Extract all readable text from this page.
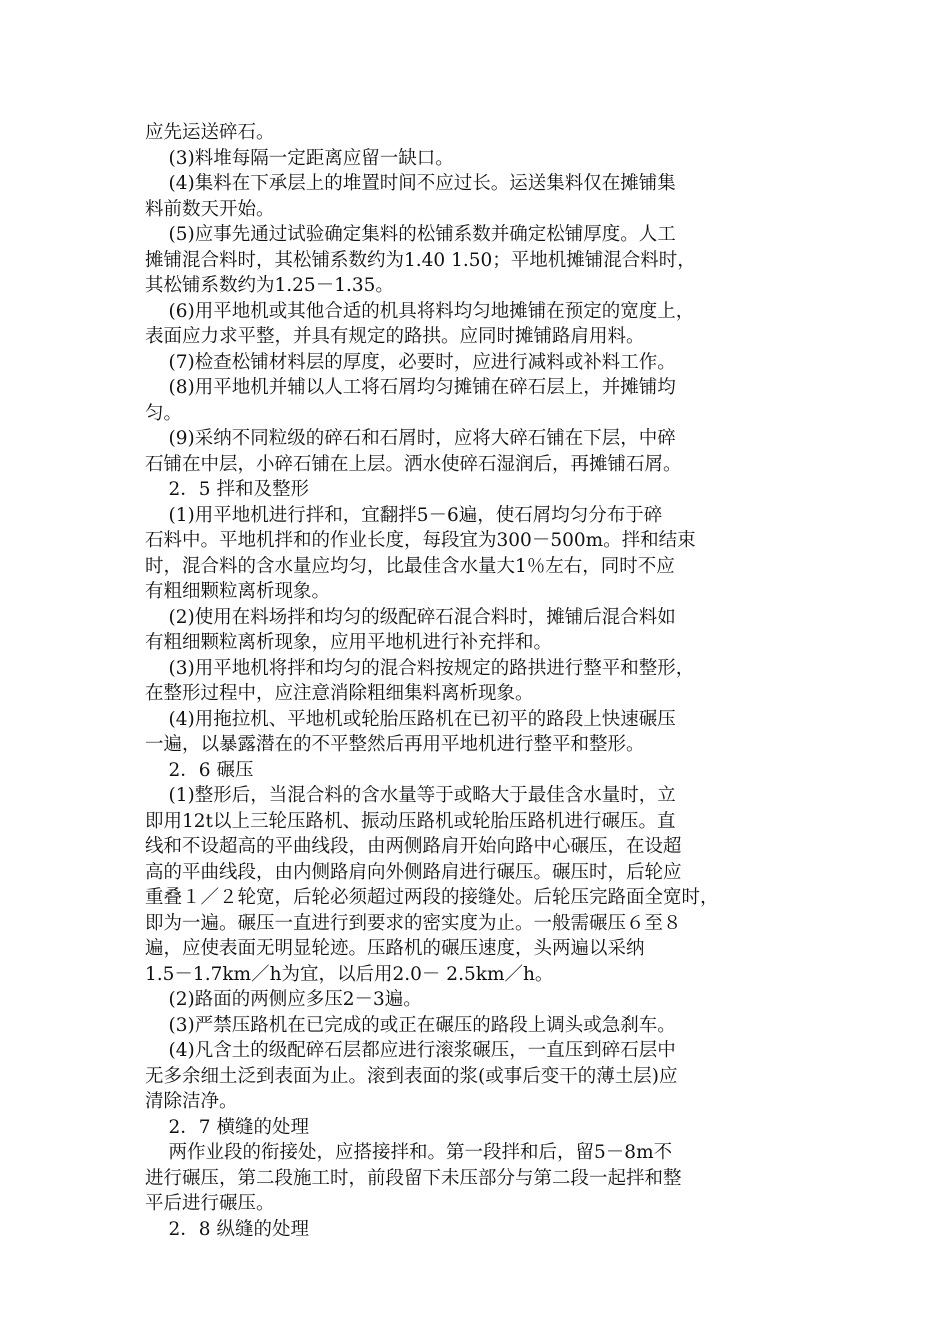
应先运送碎石。
(3)料堆每隔一定距离应留一缺口。
(4)集料在下承层上的堆置时间不应过长。运送集料仅在摊铺集
料前数天开始。
(5)应事先通过试验确定集料的松铺系数并确定松铺厚度。人工
摊铺混合料时，其松铺系数约为1.40 1.50；平地机摊铺混合料时，
其松铺系数约为1.25－1.35。
(6)用平地机或其他合适的机具将料均匀地摊铺在预定的宽度上，
表面应力求平整，并具有规定的路拱。应同时摊铺路肩用料。
(7)检查松铺材料层的厚度，必要时，应进行减料或补料工作。
(8)用平地机并辅以人工将石屑均匀摊铺在碎石层上，并摊铺均
匀。
(9)采纳不同粒级的碎石和石屑时，应将大碎石铺在下层，中碎
石铺在中层，小碎石铺在上层。洒水使碎石湿润后，再摊铺石屑。
2．5 拌和及整形
(1)用平地机进行拌和，宜翻拌5－6遍，使石屑均匀分布于碎
石料中。平地机拌和的作业长度，每段宜为300－500m。拌和结束
时，混合料的含水量应均匀，比最佳含水量大1％左右，同时不应
有粗细颗粒离析现象。
(2)使用在料场拌和均匀的级配碎石混合料时，摊铺后混合料如
有粗细颗粒离析现象，应用平地机进行补充拌和。
(3)用平地机将拌和均匀的混合料按规定的路拱进行整平和整形，
在整形过程中，应注意消除粗细集料离析现象。
(4)用拖拉机、平地机或轮胎压路机在已初平的路段上快速碾压
一遍，以暴露潜在的不平整然后再用平地机进行整平和整形。
2．6 碾压
(1)整形后，当混合料的含水量等于或略大于最佳含水量时，立
即用12t以上三轮压路机、振动压路机或轮胎压路机进行碾压。直
线和不设超高的平曲线段，由两侧路肩开始向路中心碾压，在设超
高的平曲线段，由内侧路肩向外侧路肩进行碾压。碾压时，后轮应
重叠１／２轮宽，后轮必须超过两段的接缝处。后轮压完路面全宽时，
即为一遍。碾压一直进行到要求的密实度为止。一般需碾压６至８
遍，应使表面无明显轮迹。压路机的碾压速度，头两遍以采纳
1.5－1.7km／h为宜，以后用2.0－ 2.5km／h。
(2)路面的两侧应多压2－3遍。
(3)严禁压路机在已完成的或正在碾压的路段上调头或急刹车。
(4)凡含土的级配碎石层都应进行滚浆碾压，一直压到碎石层中
无多余细土泛到表面为止。滚到表面的浆(或事后变干的薄土层)应
清除洁净。
2．7 横缝的处理
两作业段的衔接处，应搭接拌和。第一段拌和后，留5－8m不
进行碾压，第二段施工时，前段留下未压部分与第二段一起拌和整
平后进行碾压。
2．8 纵缝的处理
